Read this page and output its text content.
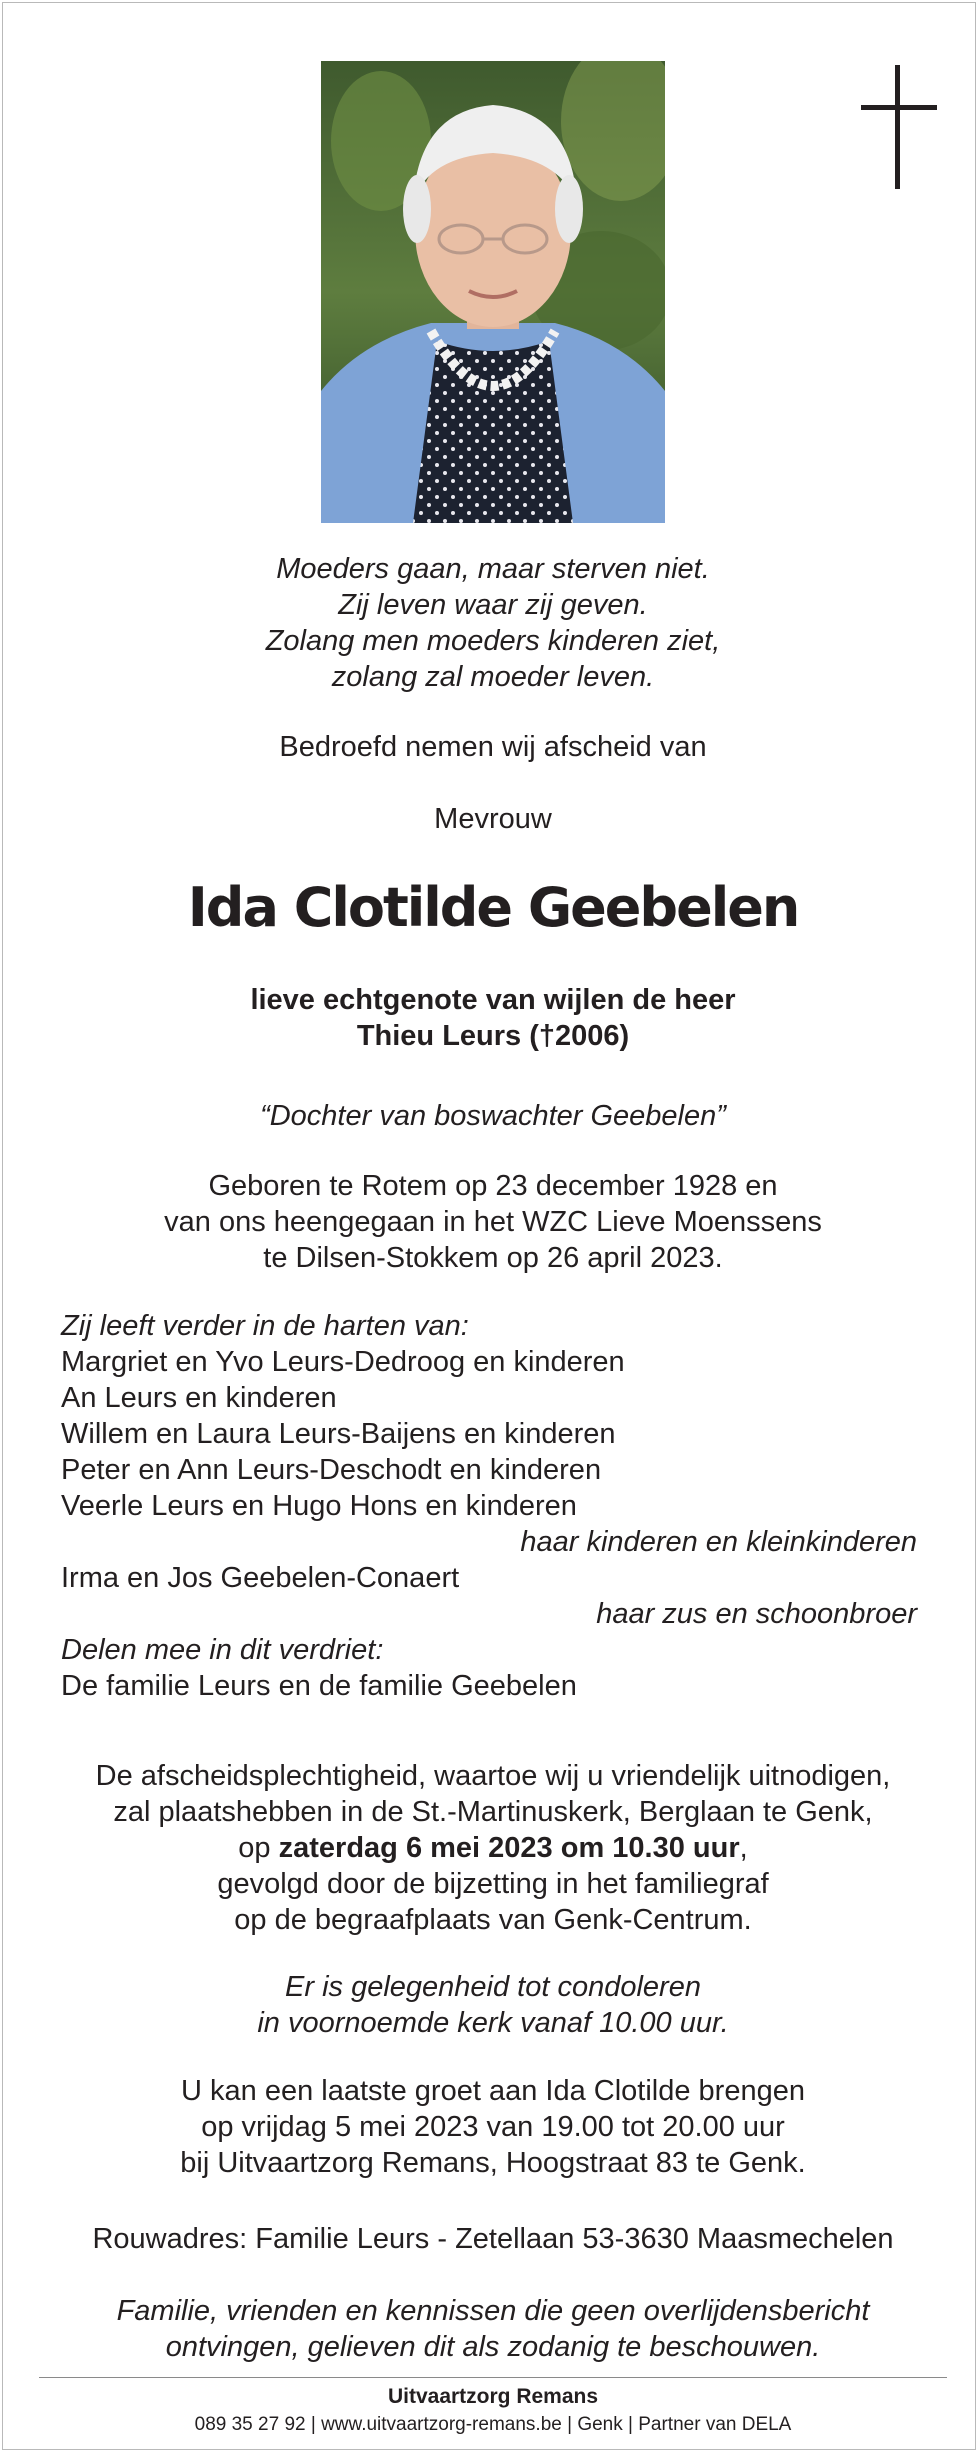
Moeders gaan, maar sterven niet.
Zij leven waar zij geven.
Zolang men moeders kinderen ziet,
zolang zal moeder leven.
Bedroefd nemen wij afscheid van
Mevrouw
Ida Clotilde Geebelen
lieve echtgenote van wijlen de heer
Thieu Leurs (†2006)
“Dochter van boswachter Geebelen”
Geboren te Rotem op 23 december 1928 en
van ons heengegaan in het WZC Lieve Moenssens
te Dilsen-Stokkem op 26 april 2023.
Zij leeft verder in de harten van:
Margriet en Yvo Leurs-Dedroog en kinderen
An Leurs en kinderen
Willem en Laura Leurs-Baijens en kinderen
Peter en Ann Leurs-Deschodt en kinderen
Veerle Leurs en Hugo Hons en kinderen
haar kinderen en kleinkinderen
Irma en Jos Geebelen-Conaert
haar zus en schoonbroer
Delen mee in dit verdriet:
De familie Leurs en de familie Geebelen
De afscheidsplechtigheid, waartoe wij u vriendelijk uitnodigen,
zal plaatshebben in de St.-Martinuskerk, Berglaan te Genk,
op zaterdag 6 mei 2023 om 10.30 uur,
gevolgd door de bijzetting in het familiegraf
op de begraafplaats van Genk-Centrum.
Er is gelegenheid tot condoleren
in voornoemde kerk vanaf 10.00 uur.
U kan een laatste groet aan Ida Clotilde brengen
op vrijdag 5 mei 2023 van 19.00 tot 20.00 uur
bij Uitvaartzorg Remans, Hoogstraat 83 te Genk.
Rouwadres: Familie Leurs - Zetellaan 53-3630 Maasmechelen
Familie, vrienden en kennissen die geen overlijdensbericht
ontvingen, gelieven dit als zodanig te beschouwen.
Uitvaartzorg Remans
089 35 27 92 | www.uitvaartzorg-remans.be | Genk | Partner van DELA
